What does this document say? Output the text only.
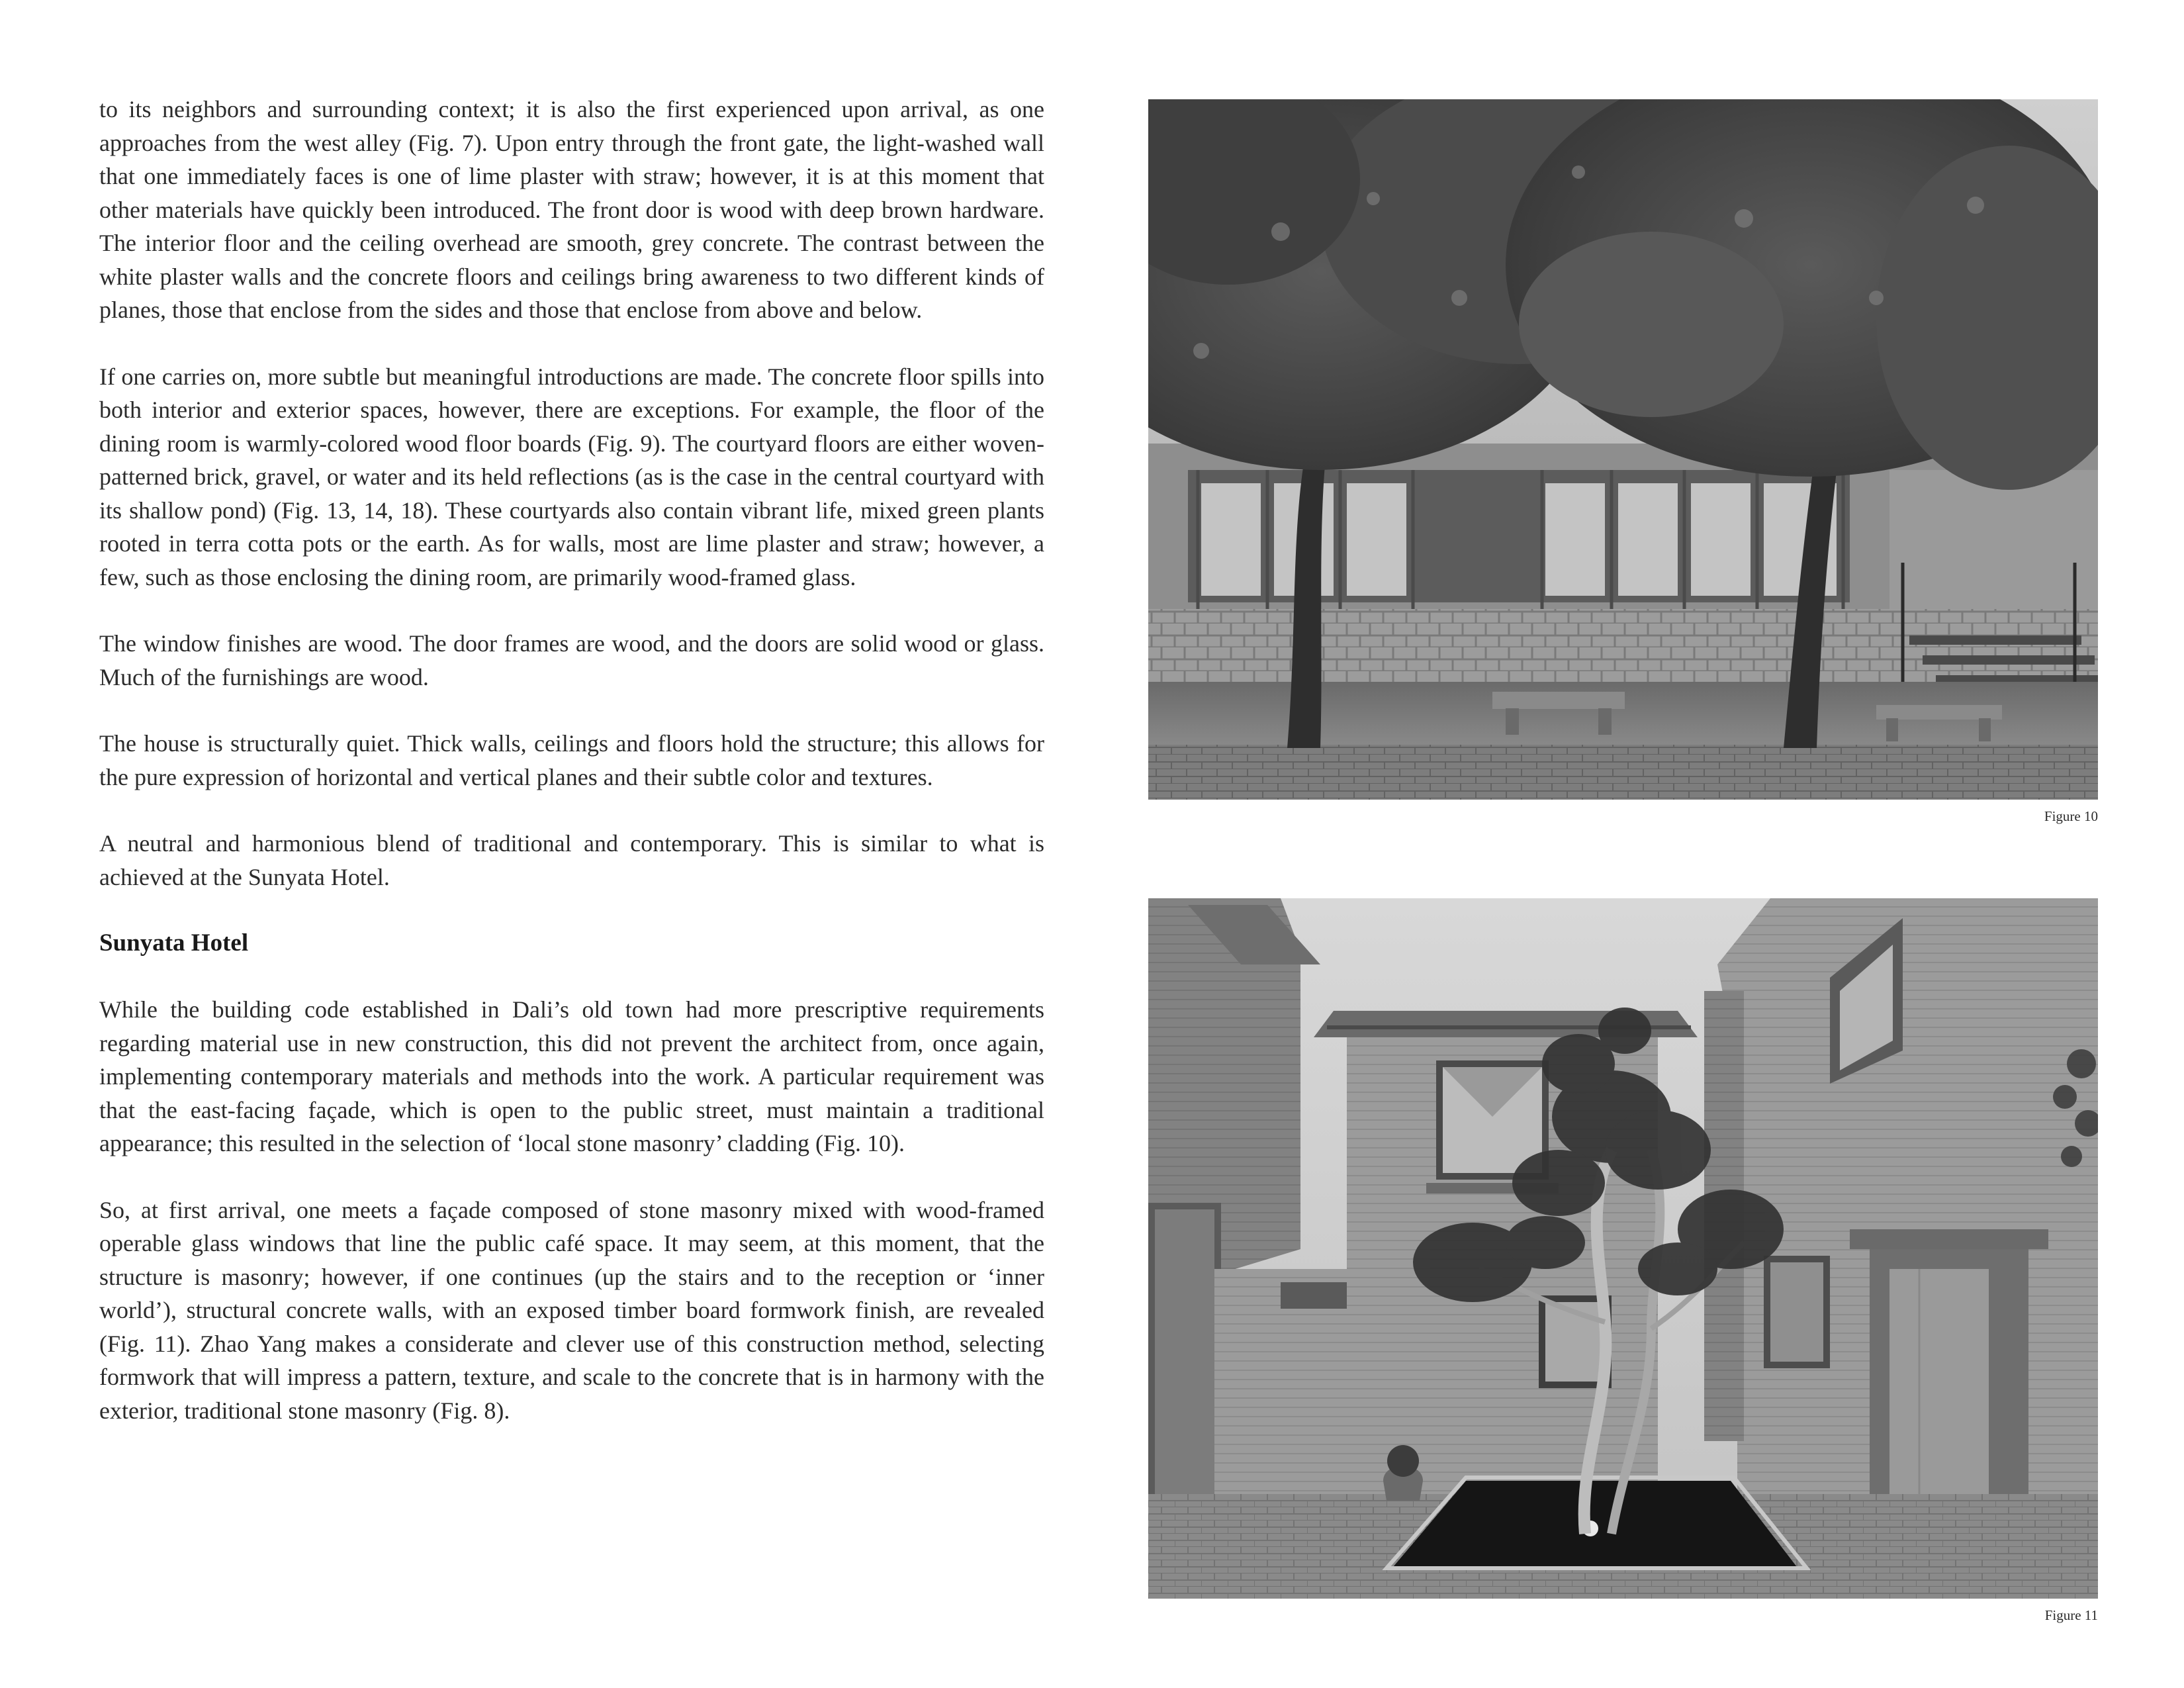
to its neighbors and surrounding context; it is also the first experienced upon arrival, as one approaches from the west alley (Fig. 7). Upon entry through the front gate, the light-washed wall that one immediately faces is one of lime plaster with straw; however, it is at this moment that other materials have quickly been introduced. The front door is wood with deep brown hardware. The interior floor and the ceiling overhead are smooth, grey concrete. The contrast between the white plaster walls and the concrete floors and ceilings bring awareness to two different kinds of planes, those that enclose from the sides and those that enclose from above and below.

If one carries on, more subtle but meaningful introductions are made. The concrete floor spills into both interior and exterior spaces, however, there are exceptions. For example, the floor of the dining room is warmly-colored wood floor boards (Fig. 9). The courtyard floors are either woven-patterned brick, gravel, or water and its held reflections (as is the case in the central courtyard with its shallow pond) (Fig. 13, 14, 18). These courtyards also contain vibrant life, mixed green plants rooted in terra cotta pots or the earth. As for walls, most are lime plaster and straw; however, a few, such as those enclosing the dining room, are primarily wood-framed glass.

The window finishes are wood. The door frames are wood, and the doors are solid wood or glass. Much of the furnishings are wood.

The house is structurally quiet. Thick walls, ceilings and floors hold the structure; this allows for the pure expression of horizontal and vertical planes and their subtle color and textures.

A neutral and harmonious blend of traditional and contemporary. This is similar to what is achieved at the Sunyata Hotel.

Sunyata Hotel

While the building code established in Dali’s old town had more prescriptive requirements regarding material use in new construction, this did not prevent the architect from, once again, implementing contemporary materials and methods into the work. A particular requirement was that the east-facing façade, which is open to the public street, must maintain a traditional appearance; this resulted in the selection of ‘local stone masonry’ cladding (Fig. 10).

So, at first arrival, one meets a façade composed of stone masonry mixed with wood-framed operable glass windows that line the public café space. It may seem, at this moment, that the structure is masonry; however, if one continues (up the stairs and to the reception or ‘inner world’), structural concrete walls, with an exposed timber board formwork finish, are revealed (Fig. 11). Zhao Yang makes a considerate and clever use of this construction method, selecting formwork that will impress a pattern, texture, and scale to the concrete that is in harmony with the exterior, traditional stone masonry (Fig. 8).

Figure 10
Figure 11
